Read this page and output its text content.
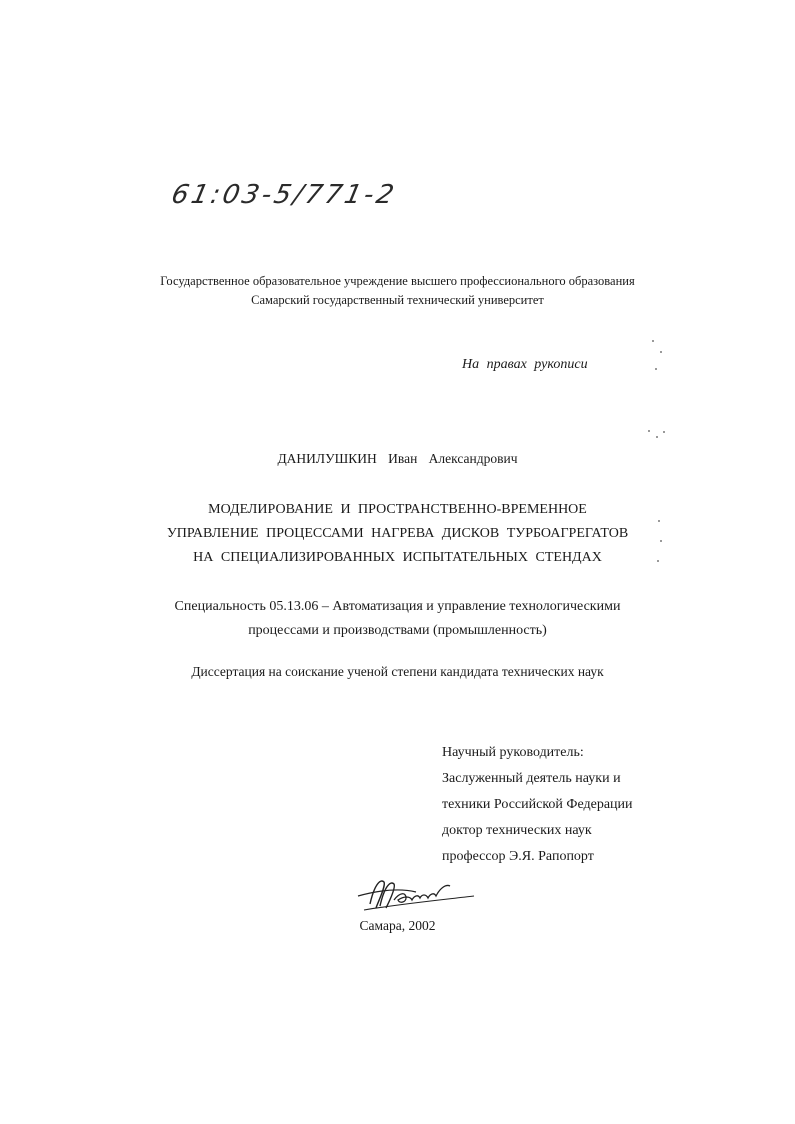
61:03-5/771-2
Государственное образовательное учреждение высшего профессионального образования
Самарский государственный технический университет
На правах рукописи
ДАНИЛУШКИН Иван Александрович
МОДЕЛИРОВАНИЕ И ПРОСТРАНСТВЕННО-ВРЕМЕННОЕ
УПРАВЛЕНИЕ ПРОЦЕССАМИ НАГРЕВА ДИСКОВ ТУРБОАГРЕГАТОВ
НА СПЕЦИАЛИЗИРОВАННЫХ ИСПЫТАТЕЛЬНЫХ СТЕНДАХ
Специальность 05.13.06 – Автоматизация и управление технологическими
процессами и производствами (промышленность)
Диссертация на соискание ученой степени кандидата технических наук
Научный руководитель:
Заслуженный деятель науки и
техники Российской Федерации
доктор технических наук
профессор Э.Я. Рапопорт
Самара, 2002
